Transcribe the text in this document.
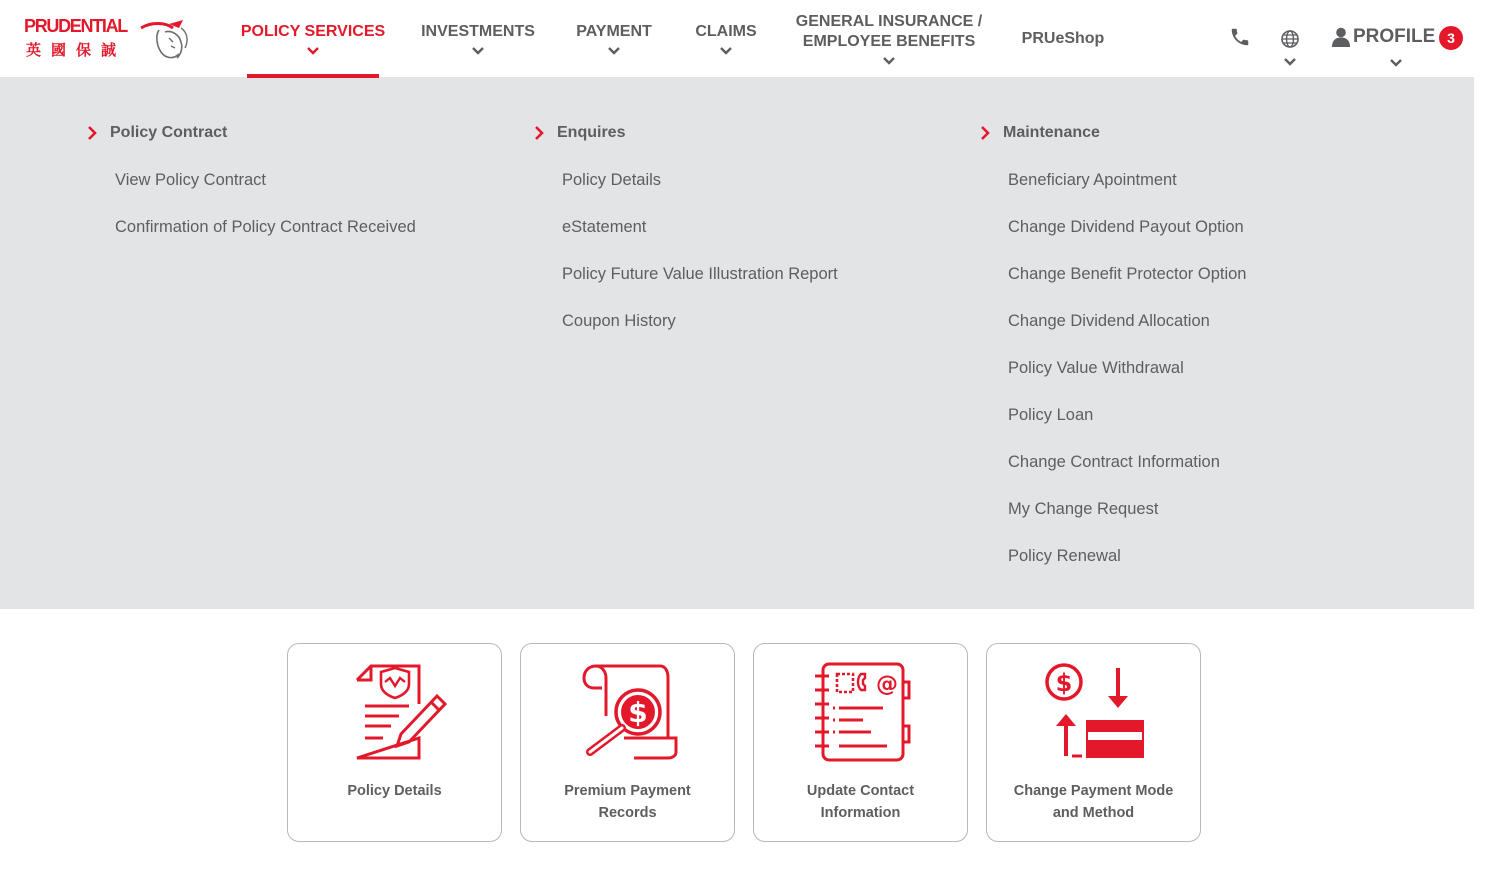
PRUDENTIAL
英國保誠
POLICY SERVICES INVESTMENTS	PAYMENT	CLAIMS
GENERAL INSURANCE /
EMPLOYEE BENEFITS	PRUeShop	PROFILE 3
Policy Contract
View Policy Contract
Confirmation of Policy Contract Received
Enquires
Policy Details
eStatement
Policy Future Value Illustration Report
Coupon History
Maintenance
Beneficiary Apointment
Change Dividend Payout Option
Change Benefit Protector Option
Change Dividend Allocation
Policy Value Withdrawal
Policy Loan
Change Contract Information
My Change Request
Policy Renewal
Policy Details
$
Premium Payment
Records
@
Update Contact
Information
$
Change Payment Mode
and Method
